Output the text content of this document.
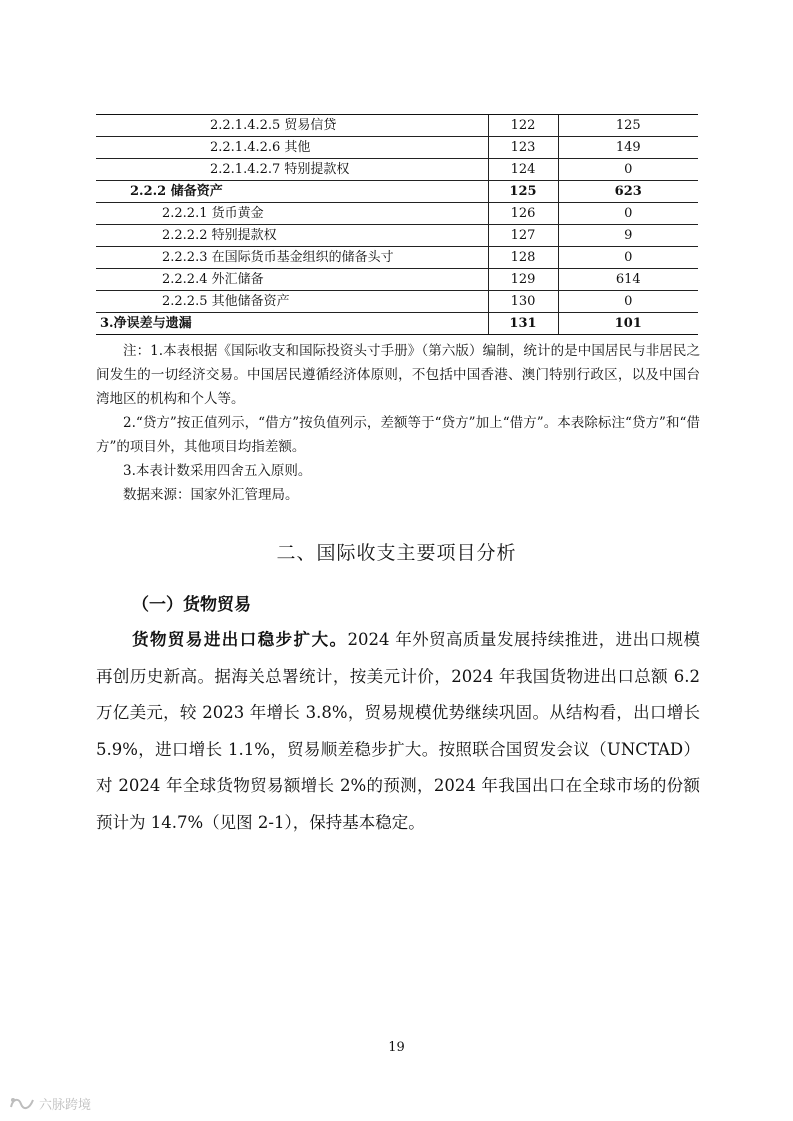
2.2.1.4.2.5 贸易信贷	122	125
2.2.1.4.2.6 其他	123	149
2.2.1.4.2.7 特别提款权	124	0
2.2.2 储备资产	125	623
2.2.2.1 货币黄金	126	0
2.2.2.2 特别提款权	127	9
2.2.2.3 在国际货币基金组织的储备头寸	128	0
2.2.2.4 外汇储备	129	614
2.2.2.5 其他储备资产	130	0
3.净误差与遗漏	131	101

注：1.本表根据《国际收支和国际投资头寸手册》（第六版）编制，统计的是中国居民与非居民之间发生的一切经济交易。中国居民遵循经济体原则，不包括中国香港、澳门特别行政区，以及中国台湾地区的机构和个人等。

2.“贷方”按正值列示，“借方”按负值列示，差额等于“贷方”加上“借方”。本表除标注“贷方”和“借方”的项目外，其他项目均指差额。

3.本表计数采用四舍五入原则。

数据来源：国家外汇管理局。

二、国际收支主要项目分析
（一）货物贸易

货物贸易进出口稳步扩大。2024 年外贸高质量发展持续推进，进出口规模再创历史新高。据海关总署统计，按美元计价，2024 年我国货物进出口总额 6.2 万亿美元，较 2023 年增长 3.8%，贸易规模优势继续巩固。从结构看，出口增长 5.9%，进口增长 1.1%，贸易顺差稳步扩大。按照联合国贸发会议（UNCTAD）对 2024 年全球货物贸易额增长 2%的预测，2024 年我国出口在全球市场的份额预计为 14.7%（见图 2-1），保持基本稳定。

19
六脉跨境
